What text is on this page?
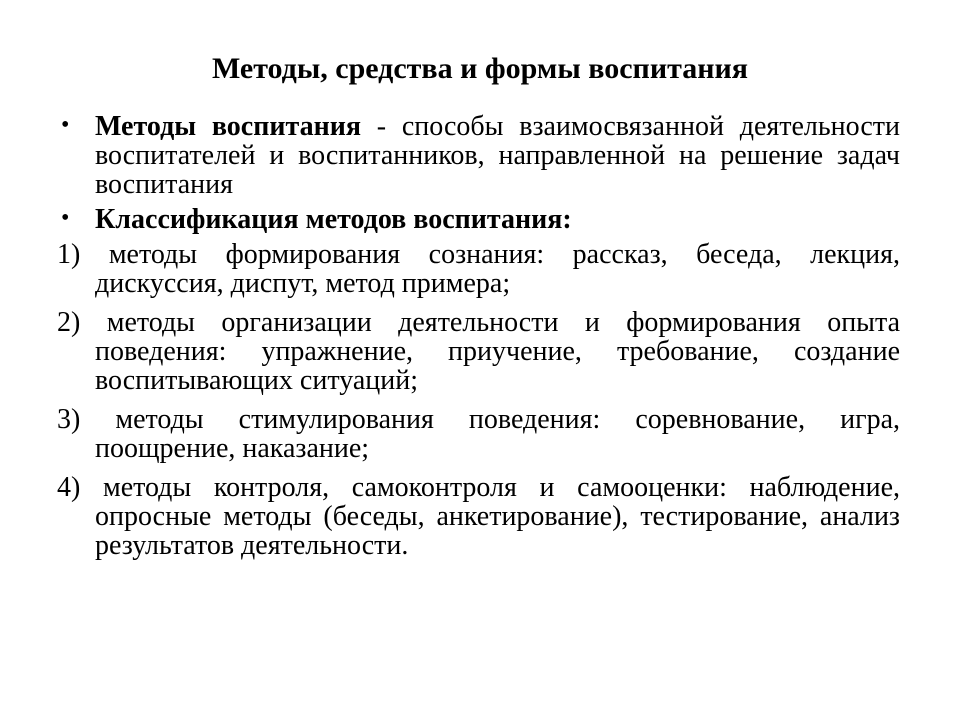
Методы, средства и формы воспитания

• Методы воспитания - способы взаимосвязанной деятельности воспитателей и воспитанников, направленной на решение задач воспитания

• Классификация методов воспитания:

1) методы формирования сознания: рассказ, беседа, лекция, дискуссия, диспут, метод примера;

2) методы организации деятельности и формирования опыта поведения: упражнение, приучение, требование, создание воспитывающих ситуаций;

3) методы стимулирования поведения: соревнование, игра, поощрение, наказание;

4) методы контроля, самоконтроля и самооценки: наблюдение, опросные методы (беседы, анкетирование), тестирование, анализ результатов деятельности.
